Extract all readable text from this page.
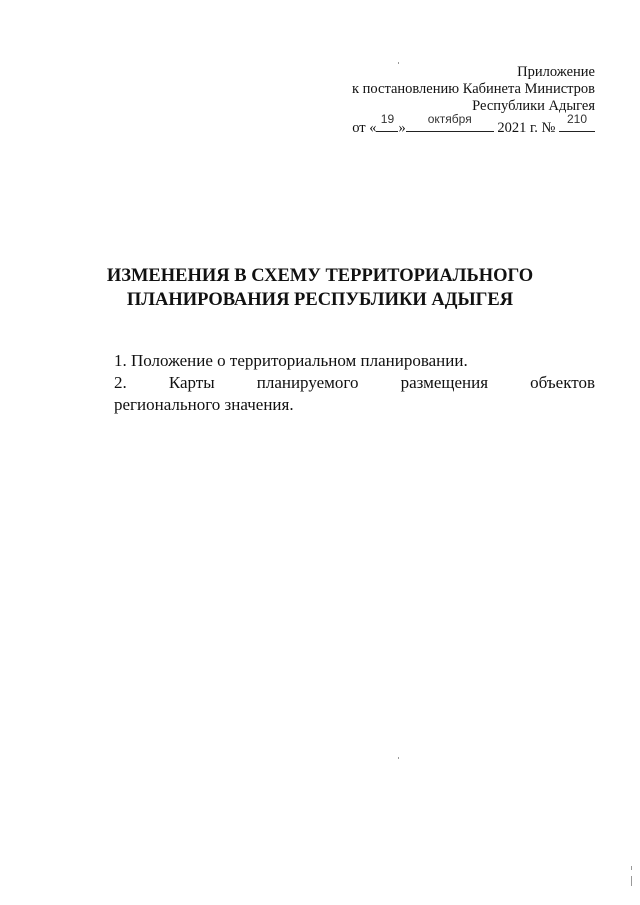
Приложение
к постановлению Кабинета Министров
Республики Адыгея
от «
19
»
октября
2021 г. №
210
ИЗМЕНЕНИЯ В СХЕМУ ТЕРРИТОРИАЛЬНОГО
ПЛАНИРОВАНИЯ РЕСПУБЛИКИ АДЫГЕЯ
1. Положение о территориальном планировании.
2. Карты планируемого размещения объектов
регионального значения.
